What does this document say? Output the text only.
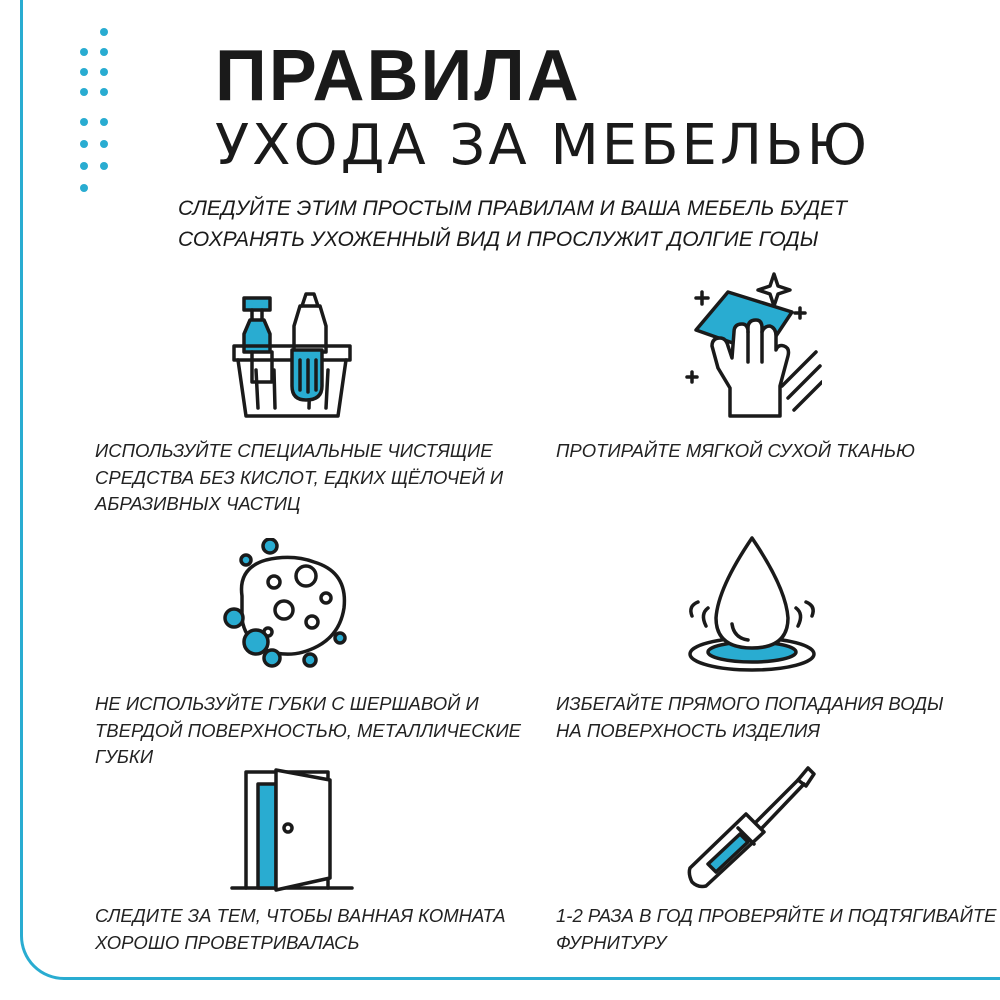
ПРАВИЛА
УХОДА ЗА МЕБЕЛЬЮ
СЛЕДУЙТЕ ЭТИМ ПРОСТЫМ ПРАВИЛАМ И ВАША МЕБЕЛЬ БУДЕТ
СОХРАНЯТЬ УХОЖЕННЫЙ ВИД И ПРОСЛУЖИТ ДОЛГИЕ ГОДЫ
ИСПОЛЬЗУЙТЕ СПЕЦИАЛЬНЫЕ ЧИСТЯЩИЕ
СРЕДСТВА БЕЗ КИСЛОТ, ЕДКИХ ЩЁЛОЧЕЙ И
АБРАЗИВНЫХ ЧАСТИЦ
ПРОТИРАЙТЕ МЯГКОЙ СУХОЙ ТКАНЬЮ
НЕ ИСПОЛЬЗУЙТЕ ГУБКИ С ШЕРШАВОЙ И
ТВЕРДОЙ ПОВЕРХНОСТЬЮ, МЕТАЛЛИЧЕСКИЕ
ГУБКИ
ИЗБЕГАЙТЕ ПРЯМОГО ПОПАДАНИЯ ВОДЫ
НА ПОВЕРХНОСТЬ ИЗДЕЛИЯ
СЛЕДИТЕ ЗА ТЕМ, ЧТОБЫ ВАННАЯ КОМНАТА
ХОРОШО ПРОВЕТРИВАЛАСЬ
1-2 РАЗА В ГОД ПРОВЕРЯЙТЕ И ПОДТЯГИВАЙТЕ
ФУРНИТУРУ
